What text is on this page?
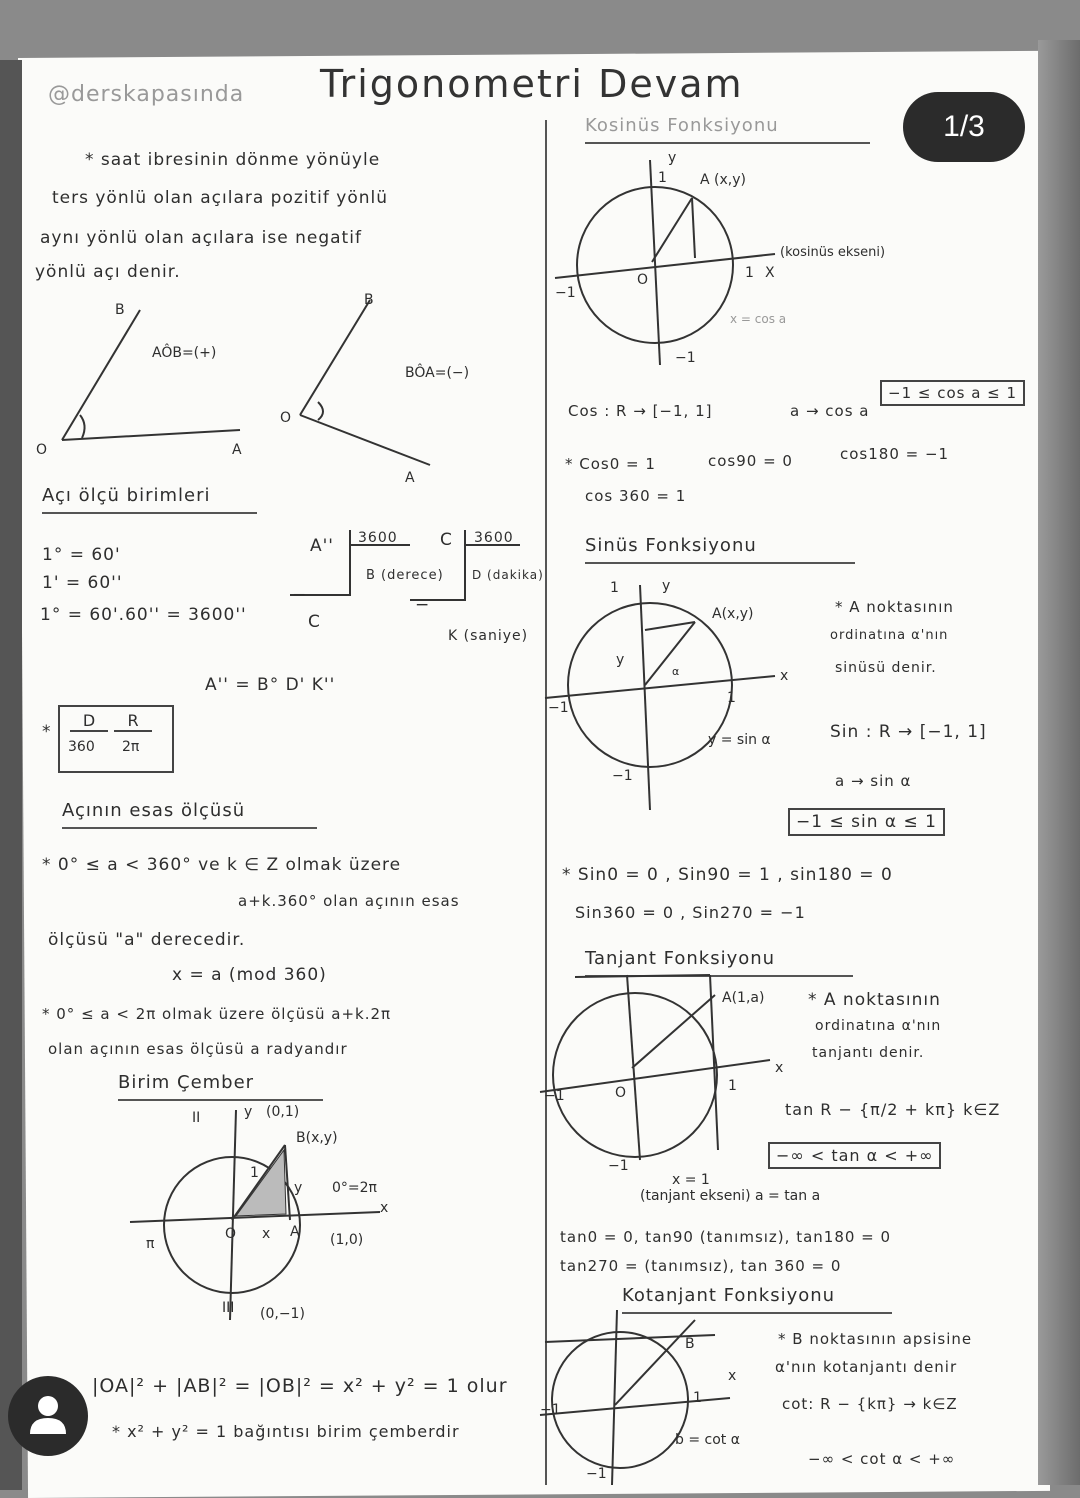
@derskapasında Trigonometri Devam
1/3
* saat ibresinin dönme yönüyle
ters yönlü olan açılara pozitif yönlü
aynı yönlü olan açılara ise negatif
yönlü açı denir.
B
AÔB=(+)
O	A
B
BÔA=(−)
O
A
Açı ölçü birimleri
1° = 60'
1' = 60''
1° = 60'.60'' = 3600''
A'' 3600
B (derece)
−
C
C 3600
D (dakika)
−
K (saniye)
A'' = B° D' K''
*
D
360
R
2π
Açının esas ölçüsü
* 0° ≤ a < 360° ve k ∈ Z olmak üzere
a+k.360° olan açının esas
ölçüsü "a" derecedir.
x = a (mod 360)
* 0° ≤ a < 2π olmak üzere ölçüsü a+k.2π
olan açının esas ölçüsü a radyandır
Birim Çember
II	y (0,1)
B(x,y)
0°=2π
x
π
O x A (1,0)
1
y
III (0,−1)
|OA|² + |AB|² = |OB|² = x² + y² = 1 olur
* x² + y² = 1 bağıntısı birim çemberdir
Kosinüs Fonksiyonu
y
1 A (x,y)
(kosinüs ekseni)
1 X
O
−1
−1
x = cos a
Cos : R → [−1, 1]	a → cos a
−1 ≤ cos a ≤ 1
* Cos0 = 1	cos90 = 0	cos180 = −1
cos 360 = 1
Sinüs Fonksiyonu
1	y
A(x,y)
y
α	x
1
−1
−1
y = sin α
* A noktasının
ordinatına α'nın
sinüsü denir.
Sin : R → [−1, 1]
a → sin α
−1 ≤ sin α ≤ 1
* Sin0 = 0 , Sin90 = 1 , sin180 = 0
Sin360 = 0 , Sin270 = −1
Tanjant Fonksiyonu
A(1,a)
x
O	1
−1
−1
x = 1
(tanjant ekseni) a = tan a
* A noktasının
ordinatına α'nın
tanjantı denir.
tan R − {π/2 + kπ} k∈Z
−∞ < tan α < +∞
tan0 = 0, tan90 (tanımsız), tan180 = 0
tan270 = (tanımsız), tan 360 = 0
Kotanjant Fonksiyonu
B
x
1
−1
−1
b = cot α
* B noktasının apsisine
α'nın kotanjantı denir
cot: R − {kπ} → k∈Z
−∞ < cot α < +∞
